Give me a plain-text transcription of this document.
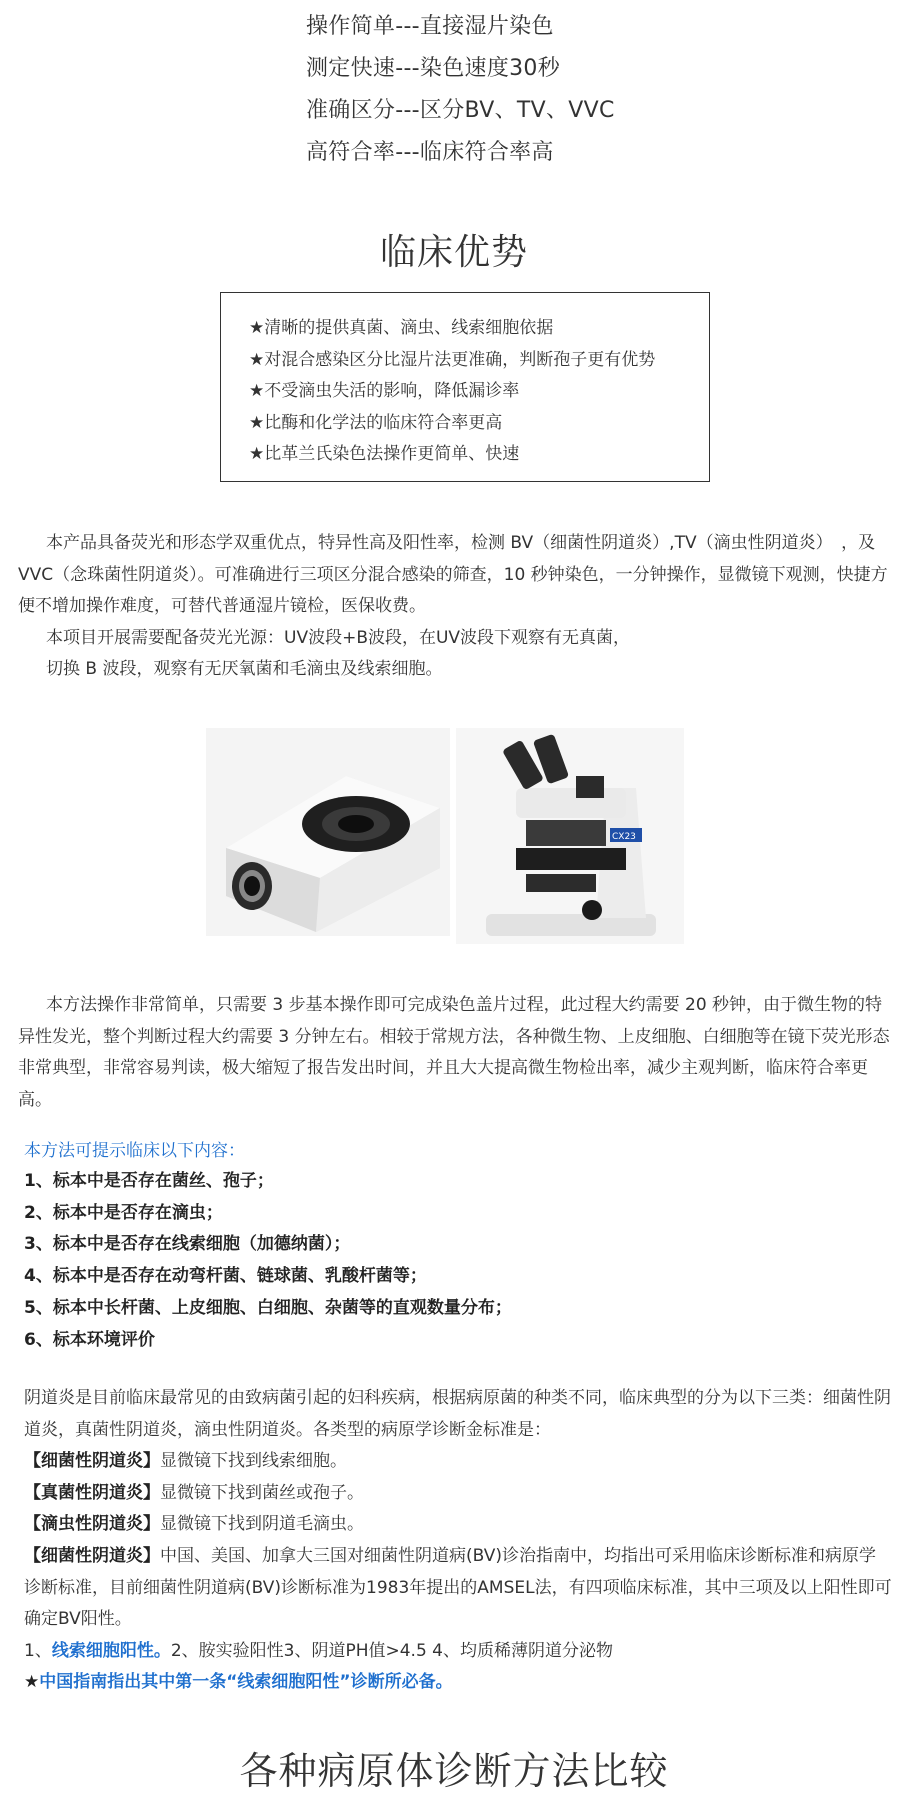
操作简单---直接湿片染色
测定快速---染色速度30秒
准确区分---区分BV、TV、VVC
高符合率---临床符合率高
临床优势
★清晰的提供真菌、滴虫、线索细胞依据
★对混合感染区分比湿片法更准确，判断孢子更有优势
★不受滴虫失活的影响，降低漏诊率
★比酶和化学法的临床符合率更高
★比革兰氏染色法操作更简单、快速

本产品具备荧光和形态学双重优点，特异性高及阳性率，检测 BV（细菌性阴道炎）,TV（滴虫性阴道炎）　，及 VVC（念珠菌性阴道炎）。可准确进行三项区分混合感染的筛查，10 秒钟染色，一分钟操作，显微镜下观测，快捷方便不增加操作难度，可替代普通湿片镜检，医保收费。

本项目开展需要配备荧光光源：UV波段+B波段，在UV波段下观察有无真菌，

切换 B 波段，观察有无厌氧菌和毛滴虫及线索细胞。

CX23

本方法操作非常简单，只需要 3 步基本操作即可完成染色盖片过程，此过程大约需要 20 秒钟，由于微生物的特异性发光，整个判断过程大约需要 3 分钟左右。相较于常规方法，各种微生物、上皮细胞、白细胞等在镜下荧光形态非常典型，非常容易判读，极大缩短了报告发出时间，并且大大提高微生物检出率，减少主观判断，临床符合率更高。

本方法可提示临床以下内容：
1、标本中是否存在菌丝、孢子；
2、标本中是否存在滴虫；
3、标本中是否存在线索细胞（加德纳菌）；
4、标本中是否存在动弯杆菌、链球菌、乳酸杆菌等；
5、标本中长杆菌、上皮细胞、白细胞、杂菌等的直观数量分布；
6、标本环境评价

阴道炎是目前临床最常见的由致病菌引起的妇科疾病，根据病原菌的种类不同，临床典型的分为以下三类：细菌性阴道炎，真菌性阴道炎，滴虫性阴道炎。各类型的病原学诊断金标准是：

【细菌性阴道炎】显微镜下找到线索细胞。

【真菌性阴道炎】显微镜下找到菌丝或孢子。

【滴虫性阴道炎】显微镜下找到阴道毛滴虫。

【细菌性阴道炎】中国、美国、加拿大三国对细菌性阴道病(BV)诊治指南中，均指出可采用临床诊断标准和病原学诊断标准，目前细菌性阴道病(BV)诊断标准为1983年提出的AMSEL法，有四项临床标准，其中三项及以上阳性即可确定BV阳性。

1、线索细胞阳性。2、胺实验阳性3、阴道PH值>4.5 4、均质稀薄阴道分泌物

★中国指南指出其中第一条“线索细胞阳性”诊断所必备。

各种病原体诊断方法比较
